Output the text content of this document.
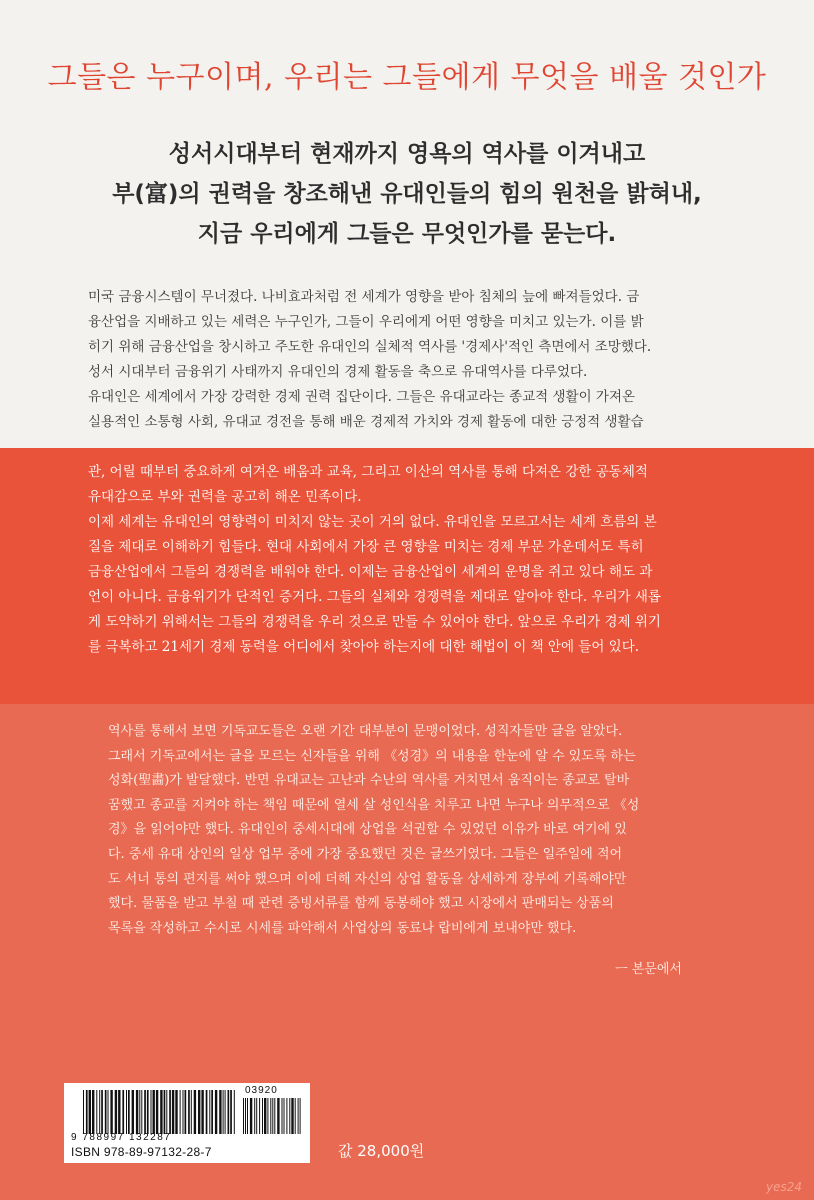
그들은 누구이며, 우리는 그들에게 무엇을 배울 것인가
성서시대부터 현재까지 영욕의 역사를 이겨내고
부(富)의 권력을 창조해낸 유대인들의 힘의 원천을 밝혀내,
지금 우리에게 그들은 무엇인가를 묻는다.
미국 금융시스템이 무너졌다. 나비효과처럼 전 세계가 영향을 받아 침체의 늪에 빠져들었다. 금
융산업을 지배하고 있는 세력은 누구인가, 그들이 우리에게 어떤 영향을 미치고 있는가. 이를 밝
히기 위해 금융산업을 창시하고 주도한 유대인의 실체적 역사를 '경제사'적인 측면에서 조망했다.
성서 시대부터 금융위기 사태까지 유대인의 경제 활동을 축으로 유대역사를 다루었다.
유대인은 세계에서 가장 강력한 경제 권력 집단이다. 그들은 유대교라는 종교적 생활이 가져온
실용적인 소통형 사회, 유대교 경전을 통해 배운 경제적 가치와 경제 활동에 대한 긍정적 생활습
관, 어릴 때부터 중요하게 여겨온 배움과 교육, 그리고 이산의 역사를 통해 다져온 강한 공동체적
유대감으로 부와 권력을 공고히 해온 민족이다.
이제 세계는 유대인의 영향력이 미치지 않는 곳이 거의 없다. 유대인을 모르고서는 세계 흐름의 본
질을 제대로 이해하기 힘들다. 현대 사회에서 가장 큰 영향을 미치는 경제 부문 가운데서도 특히
금융산업에서 그들의 경쟁력을 배워야 한다. 이제는 금융산업이 세계의 운명을 쥐고 있다 해도 과
언이 아니다. 금융위기가 단적인 증거다. 그들의 실체와 경쟁력을 제대로 알아야 한다. 우리가 새롭
게 도약하기 위해서는 그들의 경쟁력을 우리 것으로 만들 수 있어야 한다. 앞으로 우리가 경제 위기
를 극복하고 21세기 경제 동력을 어디에서 찾아야 하는지에 대한 해법이 이 책 안에 들어 있다.
역사를 통해서 보면 기독교도들은 오랜 기간 대부분이 문맹이었다. 성직자들만 글을 알았다.
그래서 기독교에서는 글을 모르는 신자들을 위해 《성경》의 내용을 한눈에 알 수 있도록 하는
성화(聖畵)가 발달했다. 반면 유대교는 고난과 수난의 역사를 거치면서 움직이는 종교로 탈바
꿈했고 종교를 지켜야 하는 책임 때문에 열세 살 성인식을 치루고 나면 누구나 의무적으로 《성
경》을 읽어야만 했다. 유대인이 중세시대에 상업을 석권할 수 있었던 이유가 바로 여기에 있
다. 중세 유대 상인의 일상 업무 중에 가장 중요했던 것은 글쓰기였다. 그들은 일주일에 적어
도 서너 통의 편지를 써야 했으며 이에 더해 자신의 상업 활동을 상세하게 장부에 기록해야만
했다. 물품을 받고 부칠 때 관련 증빙서류를 함께 동봉해야 했고 시장에서 판매되는 상품의
목록을 작성하고 수시로 시세를 파악해서 사업상의 동료나 랍비에게 보내야만 했다.
ㅡ 본문에서
03920
9 788997 132287
ISBN 978-89-97132-28-7	값 28,000원
yes24
